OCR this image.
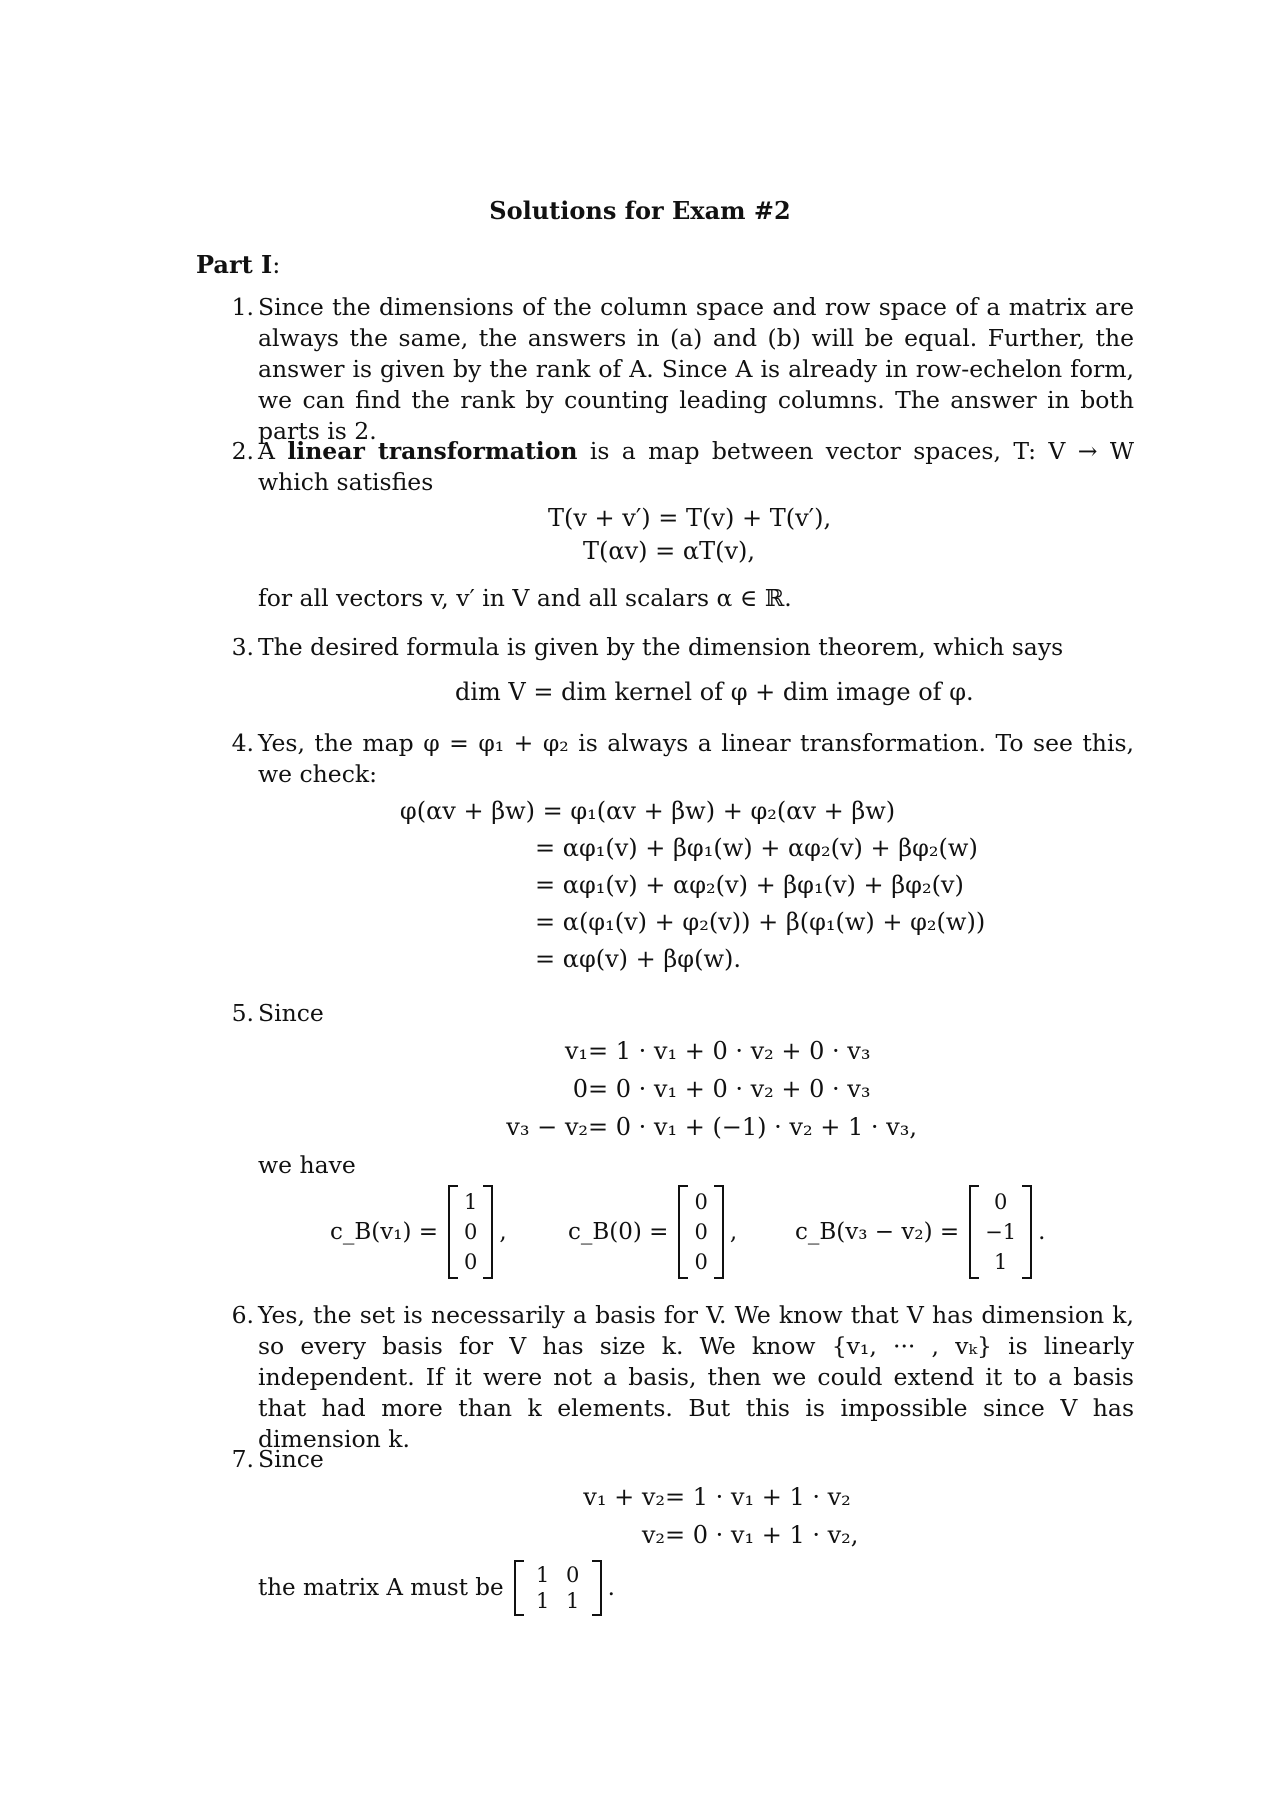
Solutions for Exam #2
Part I:
1. Since the dimensions of the column space and row space of a matrix are always the same, the answers in (a) and (b) will be equal. Further, the answer is given by the rank of A. Since A is already in row-echelon form, we can find the rank by counting leading columns. The answer in both parts is 2.
2. A linear transformation is a map between vector spaces, T: V → W which satisfies
T(v + v′) = T(v) + T(v′),
T(αv) = αT(v),
for all vectors v, v′ in V and all scalars α ∈ ℝ.
3. The desired formula is given by the dimension theorem, which says
dim V = dim kernel of φ + dim image of φ.
4. Yes, the map φ = φ₁ + φ₂ is always a linear transformation. To see this, we check:
φ(αv + βw) = φ₁(αv + βw) + φ₂(αv + βw)
= αφ₁(v) + βφ₁(w) + αφ₂(v) + βφ₂(w)
= αφ₁(v) + αφ₂(v) + βφ₁(v) + βφ₂(v)
= α(φ₁(v) + φ₂(v)) + β(φ₁(w) + φ₂(w))
= αφ(v) + βφ(w).
5. Since
v₁= 1 · v₁ + 0 · v₂ + 0 · v₃
0= 0 · v₁ + 0 · v₂ + 0 · v₃
v₃ − v₂= 0 · v₁ + (−1) · v₂ + 1 · v₃,
we have
c_B(v₁) =
1
0
0
,	c_B(0) =
0
0
0
,	c_B(v₃ − v₂) =
0
−1
1
.
6. Yes, the set is necessarily a basis for V. We know that V has dimension k, so every basis for V has size k. We know {v₁, ··· , vₖ} is linearly independent. If it were not a basis, then we could extend it to a basis that had more than k elements. But this is impossible since V has dimension k.
7. Since
v₁ + v₂= 1 · v₁ + 1 · v₂
v₂= 0 · v₁ + 1 · v₂,
the matrix A must be	1 0
1 1	.
